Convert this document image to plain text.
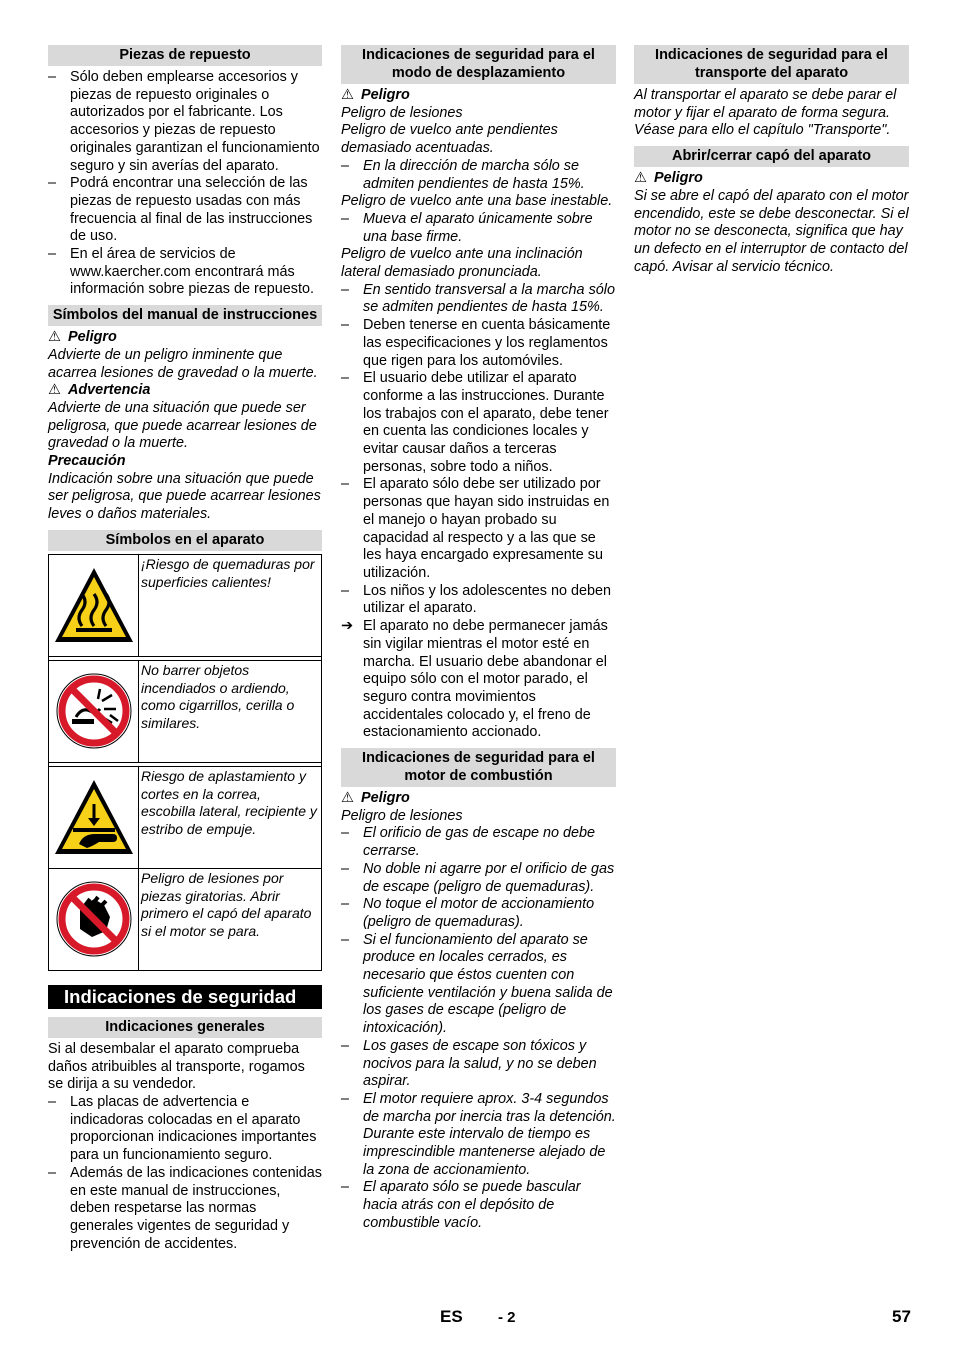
Piezas de repuesto
– Sólo deben emplearse accesorios y piezas de repuesto originales o autorizados por el fabricante. Los accesorios y piezas de repuesto originales garantizan el funcionamiento seguro y sin averías del aparato.
– Podrá encontrar una selección de las piezas de repuesto usadas con más frecuencia al final de las instrucciones de uso.
– En el área de servicios de www.kaercher.com encontrará más información sobre piezas de repuesto.
Símbolos del manual de instrucciones

⚠ Peligro

Advierte de un peligro inminente que acarrea lesiones de gravedad o la muerte.

⚠ Advertencia

Advierte de una situación que puede ser peligrosa, que puede acarrear lesiones de gravedad o la muerte.

Precaución

Indicación sobre una situación que puede ser peligrosa, que puede acarrear lesiones leves o daños materiales.

Símbolos en el aparato
¡Riesgo de quemaduras por superficies calientes!
No barrer objetos incendiados o ardiendo, como cigarrillos, cerilla o similares.
Riesgo de aplastamiento y cortes en la correa, escobilla lateral, recipiente y estribo de empuje.
Peligro de lesiones por piezas giratorias. Abrir primero el capó del aparato si el motor se para.
Indicaciones de seguridad
Indicaciones generales

Si al desembalar el aparato comprueba daños atribuibles al transporte, rogamos se dirija a su vendedor.

– Las placas de advertencia e indicadoras colocadas en el aparato proporcionan indicaciones importantes para un funcionamiento seguro.
– Además de las indicaciones contenidas en este manual de instrucciones, deben respetarse las normas generales vigentes de seguridad y prevención de accidentes.
Indicaciones de seguridad para el modo de desplazamiento

⚠ Peligro

Peligro de lesiones

Peligro de vuelco ante pendientes demasiado acentuadas.

– En la dirección de marcha sólo se admiten pendientes de hasta 15%.

Peligro de vuelco ante una base inestable.

– Mueva el aparato únicamente sobre una base firme.

Peligro de vuelco ante una inclinación lateral demasiado pronunciada.

– En sentido transversal a la marcha sólo se admiten pendientes de hasta 15%.
– Deben tenerse en cuenta básicamente las especificaciones y los reglamentos que rigen para los automóviles.
– El usuario debe utilizar el aparato conforme a las instrucciones. Durante los trabajos con el aparato, debe tener en cuenta las condiciones locales y evitar causar daños a terceras personas, sobre todo a niños.
– El aparato sólo debe ser utilizado por personas que hayan sido instruidas en el manejo o hayan probado su capacidad al respecto y a las que se les haya encargado expresamente su utilización.
– Los niños y los adolescentes no deben utilizar el aparato.
➔ El aparato no debe permanecer jamás sin vigilar mientras el motor esté en marcha. El usuario debe abandonar el equipo sólo con el motor parado, el seguro contra movimientos accidentales colocado y, el freno de estacionamiento accionado.
Indicaciones de seguridad para el motor de combustión

⚠ Peligro

Peligro de lesiones

– El orificio de gas de escape no debe cerrarse.
– No doble ni agarre por el orificio de gas de escape (peligro de quemaduras).
– No toque el motor de accionamiento (peligro de quemaduras).
– Si el funcionamiento del aparato se produce en locales cerrados, es necesario que éstos cuenten con suficiente ventilación y buena salida de los gases de escape (peligro de intoxicación).
– Los gases de escape son tóxicos y nocivos para la salud, y no se deben aspirar.
– El motor requiere aprox. 3-4 segundos de marcha por inercia tras la detención. Durante este intervalo de tiempo es imprescindible mantenerse alejado de la zona de accionamiento.
– El aparato sólo se puede bascular hacia atrás con el depósito de combustible vacío.
Indicaciones de seguridad para el transporte del aparato

Al transportar el aparato se debe parar el motor y fijar el aparato de forma segura. Véase para ello el capítulo "Transporte".

Abrir/cerrar capó del aparato

⚠ Peligro

Si se abre el capó del aparato con el motor encendido, este se debe desconectar. Si el motor no se desconecta, significa que hay un defecto en el interruptor de contacto del capó. Avisar al servicio técnico.

ES - 2	57
